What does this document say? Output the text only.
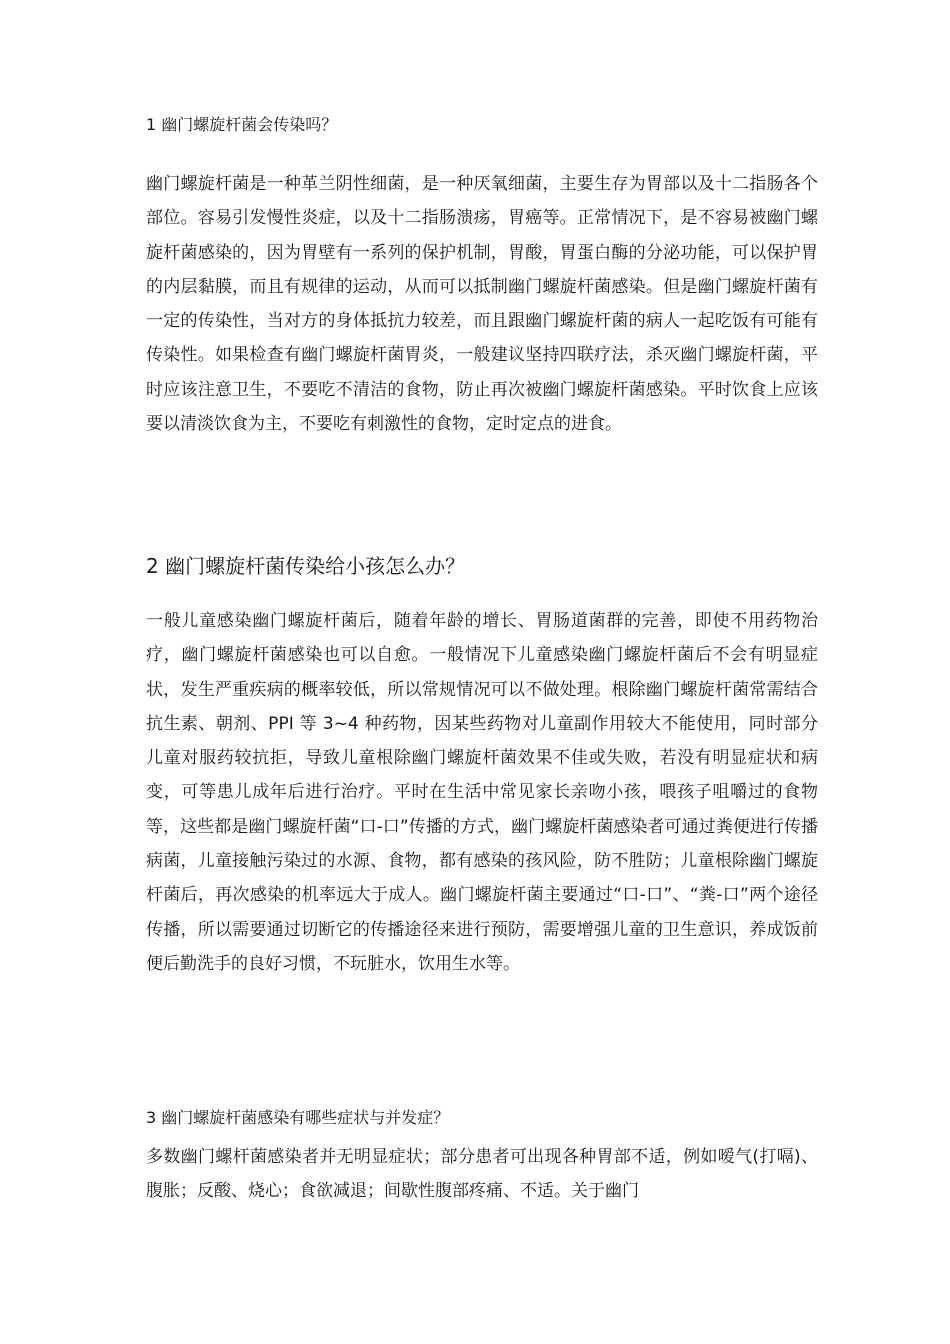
1 幽门螺旋杆菌会传染吗？

幽门螺旋杆菌是一种革兰阴性细菌，是一种厌氧细菌，主要生存为胃部以及十二指肠各个部位。容易引发慢性炎症，以及十二指肠溃疡，胃癌等。正常情况下，是不容易被幽门螺旋杆菌感染的，因为胃壁有一系列的保护机制，胃酸，胃蛋白酶的分泌功能，可以保护胃的内层黏膜，而且有规律的运动，从而可以抵制幽门螺旋杆菌感染。但是幽门螺旋杆菌有一定的传染性，当对方的身体抵抗力较差，而且跟幽门螺旋杆菌的病人一起吃饭有可能有传染性。如果检查有幽门螺旋杆菌胃炎，一般建议坚持四联疗法，杀灭幽门螺旋杆菌，平时应该注意卫生，不要吃不清洁的食物，防止再次被幽门螺旋杆菌感染。平时饮食上应该要以清淡饮食为主，不要吃有刺激性的食物，定时定点的进食。

2 幽门螺旋杆菌传染给小孩怎么办？

一般儿童感染幽门螺旋杆菌后，随着年龄的增长、胃肠道菌群的完善，即使不用药物治疗，幽门螺旋杆菌感染也可以自愈。一般情况下儿童感染幽门螺旋杆菌后不会有明显症状，发生严重疾病的概率较低，所以常规情况可以不做处理。根除幽门螺旋杆菌常需结合抗生素、朝剂、PPI 等 3~4 种药物，因某些药物对儿童副作用较大不能使用，同时部分儿童对服药较抗拒，导致儿童根除幽门螺旋杆菌效果不佳或失败，若没有明显症状和病变，可等患儿成年后进行治疗。平时在生活中常见家长亲吻小孩，喂孩子咀嚼过的食物等，这些都是幽门螺旋杆菌“口-口”传播的方式，幽门螺旋杆菌感染者可通过粪便进行传播病菌，儿童接触污染过的水源、食物，都有感染的孩风险，防不胜防；儿童根除幽门螺旋杆菌后，再次感染的机率远大于成人。幽门螺旋杆菌主要通过“口-口”、“粪-口”两个途径传播，所以需要通过切断它的传播途径来进行预防，需要增强儿童的卫生意识，养成饭前便后勤洗手的良好习惯，不玩脏水，饮用生水等。

3 幽门螺旋杆菌感染有哪些症状与并发症？

多数幽门螺杆菌感染者并无明显症状；部分患者可出现各种胃部不适，例如嗳气(打嗝)、腹胀；反酸、烧心；食欲减退；间歇性腹部疼痛、不适。关于幽门
